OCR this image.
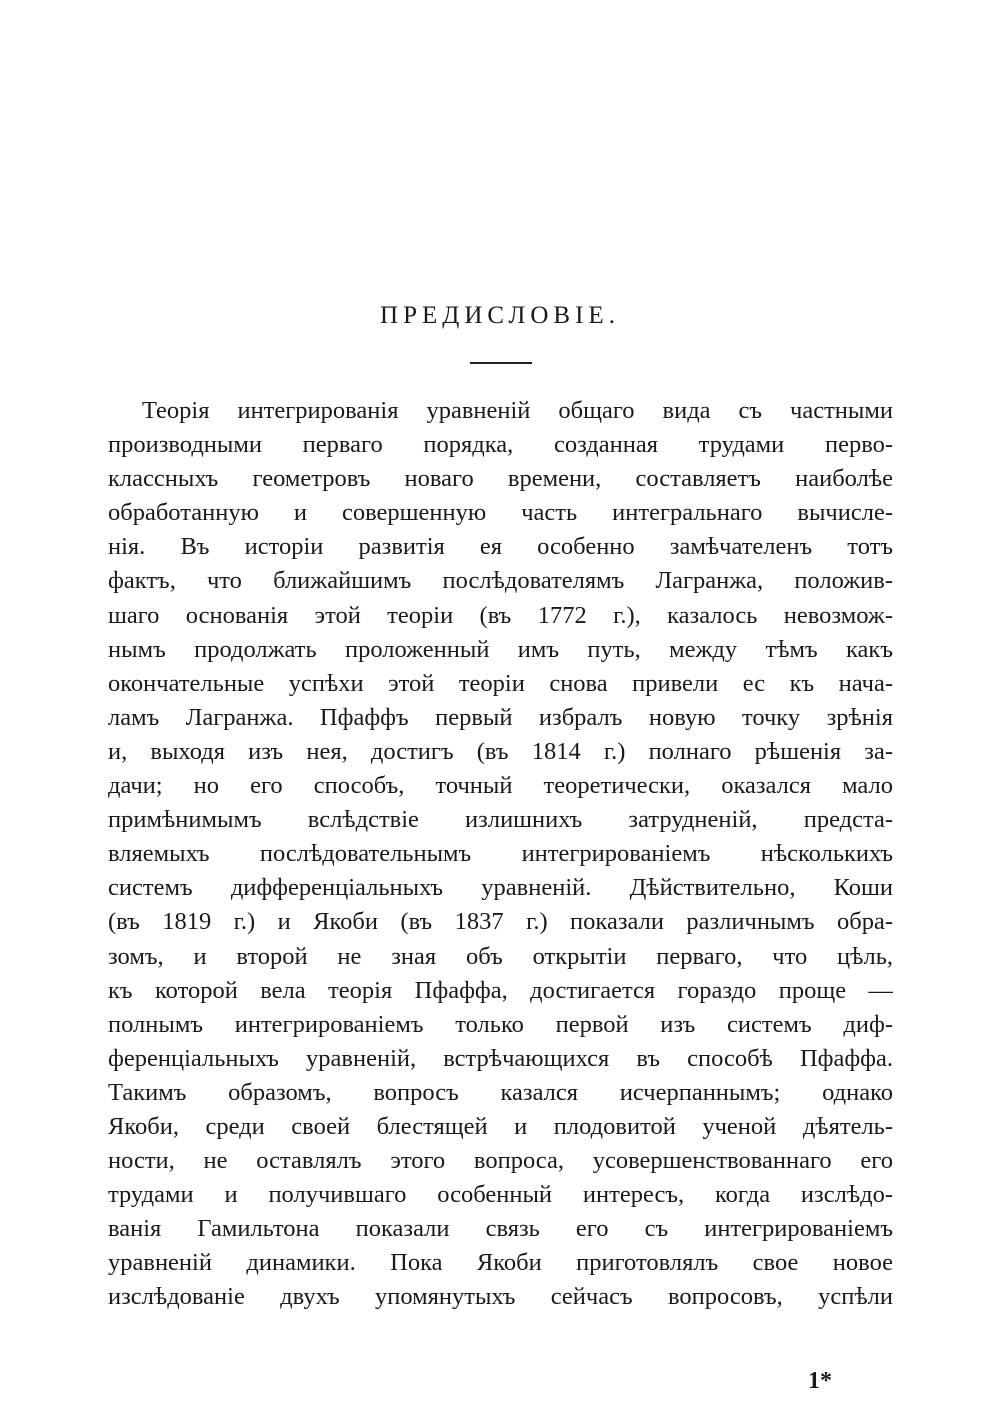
ПРЕДИСЛОВІЕ.
Теорія интегрированія уравненій общаго вида съ частными
производными перваго порядка, созданная трудами перво-
классныхъ геометровъ новаго времени, составляетъ наиболѣе
обработанную и совершенную часть интегральнаго вычисле-
нія. Въ исторіи развитія ея особенно замѣчателенъ тотъ
фактъ, что ближайшимъ послѣдователямъ Лагранжа, положив-
шаго основанія этой теоріи (въ 1772 г.), казалось невозмож-
нымъ продолжать проложенный имъ путь, между тѣмъ какъ
окончательные успѣхи этой теоріи снова привели ес къ нача-
ламъ Лагранжа. Пфаффъ первый избралъ новую точку зрѣнія
и, выходя изъ нея, достигъ (въ 1814 г.) полнаго рѣшенія за-
дачи; но его способъ, точный теоретически, оказался мало
примѣнимымъ вслѣдствіе излишнихъ затрудненій, предста-
вляемыхъ послѣдовательнымъ интегрированіемъ нѣсколькихъ
системъ дифференціальныхъ уравненій. Дѣйствительно, Коши
(въ 1819 г.) и Якоби (въ 1837 г.) показали различнымъ обра-
зомъ, и второй не зная объ открытіи перваго, что цѣль,
къ которой вела теорія Пфаффа, достигается гораздо проще —
полнымъ интегрированіемъ только первой изъ системъ диф-
ференціальныхъ уравненій, встрѣчающихся въ способѣ Пфаффа.
Такимъ образомъ, вопросъ казался исчерпаннымъ; однако
Якоби, среди своей блестящей и плодовитой ученой дѣятель-
ности, не оставлялъ этого вопроса, усовершенствованнаго его
трудами и получившаго особенный интересъ, когда изслѣдо-
ванія Гамильтона показали связь его съ интегрированіемъ
уравненій динамики. Пока Якоби приготовлялъ свое новое
изслѣдованіе двухъ упомянутыхъ сейчасъ вопросовъ, успѣли
1*
